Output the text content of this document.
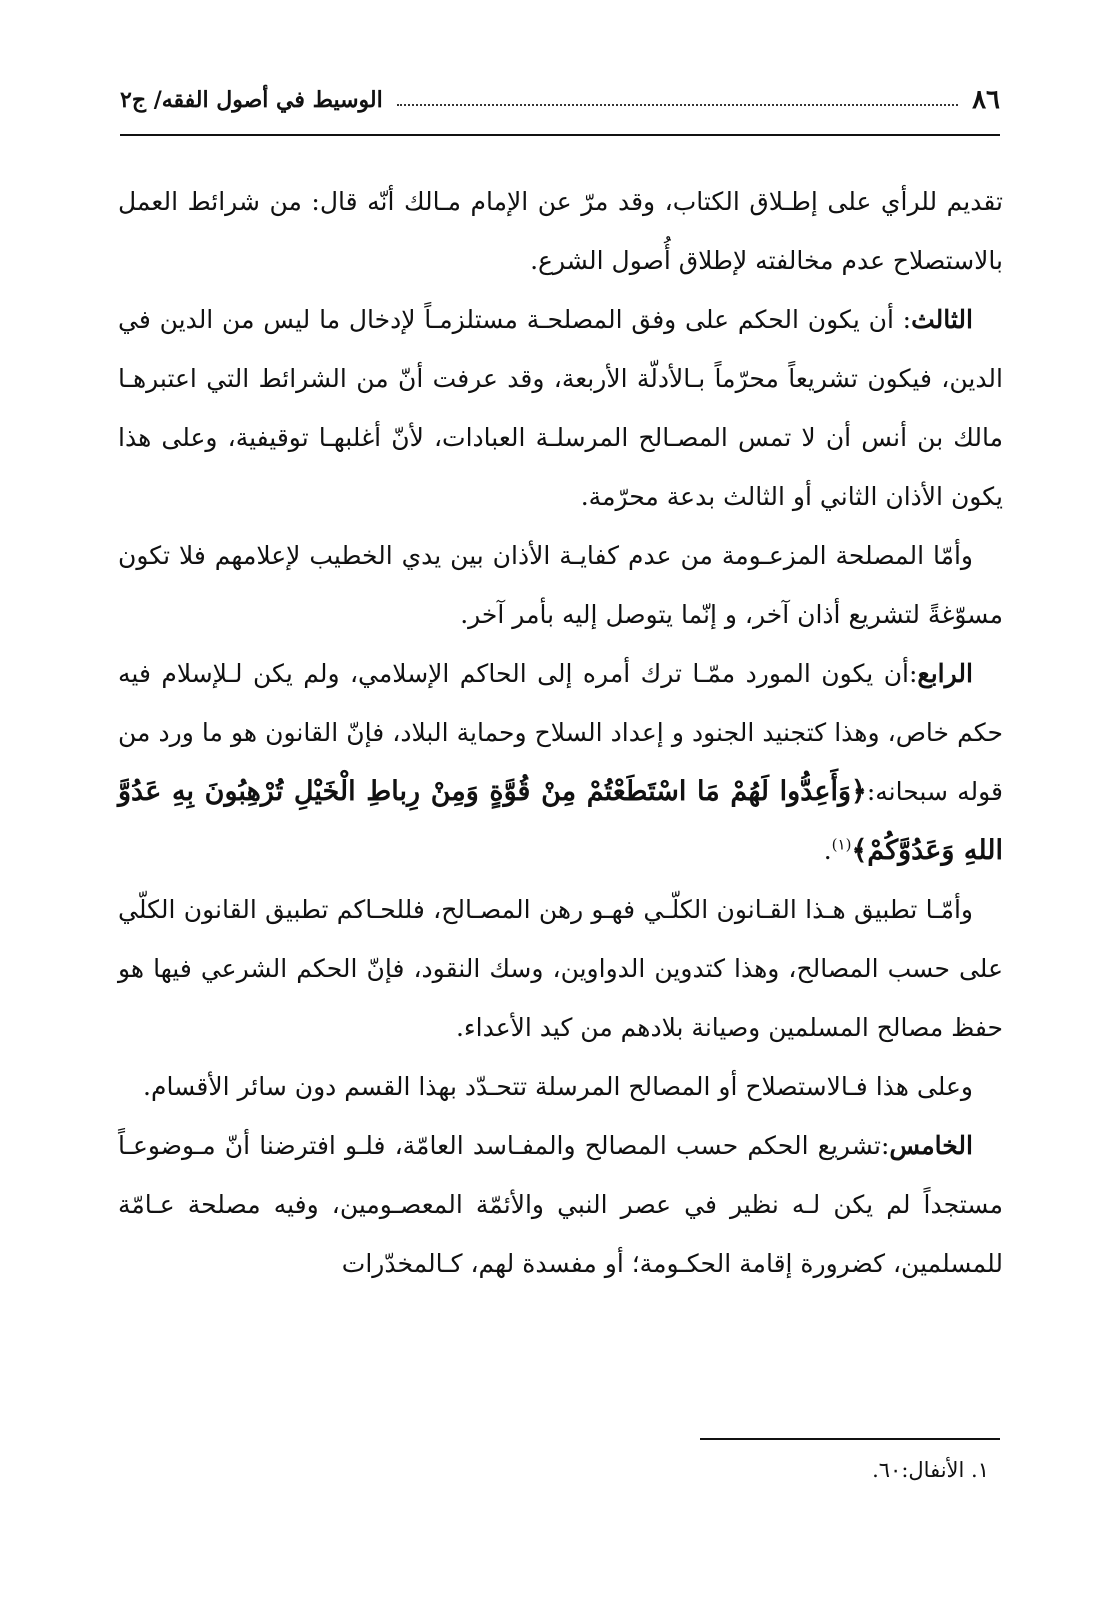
٨٦
الوسيط في أصول الفقه/ ج٢

تقديم للرأي على إطـلاق الكتاب، وقد مرّ عن الإمام مـالك أنّه قال: من شرائط العمل بالاستصلاح عدم مخالفته لإطلاق أُصول الشرع.

الثالث: أن يكون الحكم على وفق المصلحـة مستلزمـاً لإدخال ما ليس من الدين في الدين، فيكون تشريعاً محرّماً بـالأدلّة الأربعة، وقد عرفت أنّ من الشرائط التي اعتبرهـا مالك بن أنس أن لا تمس المصـالح المرسلـة العبادات، لأنّ أغلبهـا توقيفية، وعلى هذا يكون الأذان الثاني أو الثالث بدعة محرّمة.

وأمّا المصلحة المزعـومة من عدم كفايـة الأذان بين يدي الخطيب لإعلامهم فلا تكون مسوّغةً لتشريع أذان آخر، و إنّما يتوصل إليه بأمر آخر.

الرابع:أن يكون المورد ممّـا ترك أمره إلى الحاكم الإسلامي، ولم يكن لـلإسلام فيه حكم خاص، وهذا كتجنيد الجنود و إعداد السلاح وحماية البلاد، فإنّ القانون هو ما ورد من قوله سبحانه:﴿وَأَعِدُّوا لَهُمْ مَا اسْتَطَعْتُمْ مِنْ قُوَّةٍ وَمِنْ رِباطِ الْخَيْلِ تُرْهِبُونَ بِهِ عَدُوَّ اللهِ وَعَدُوَّكُمْ﴾$^{(١)}$.

وأمّـا تطبيق هـذا القـانون الكلّـي فهـو رهن المصـالح، فللحـاكم تطبيق القانون الكلّي على حسب المصالح، وهذا كتدوين الدواوين، وسك النقود، فإنّ الحكم الشرعي فيها هو حفظ مصالح المسلمين وصيانة بلادهم من كيد الأعداء.

وعلى هذا فـالاستصلاح أو المصالح المرسلة تتحـدّد بهذا القسم دون سائر الأقسام.

الخامس:تشريع الحكم حسب المصالح والمفـاسد العامّة، فلـو افترضنا أنّ مـوضوعـاً مستجداً لم يكن لـه نظير في عصر النبي والأئمّة المعصـومين، وفيه مصلحة عـامّة للمسلمين، كضرورة إقامة الحكـومة؛ أو مفسدة لهم، كـالمخدّرات

١. الأنفال:٦٠.
